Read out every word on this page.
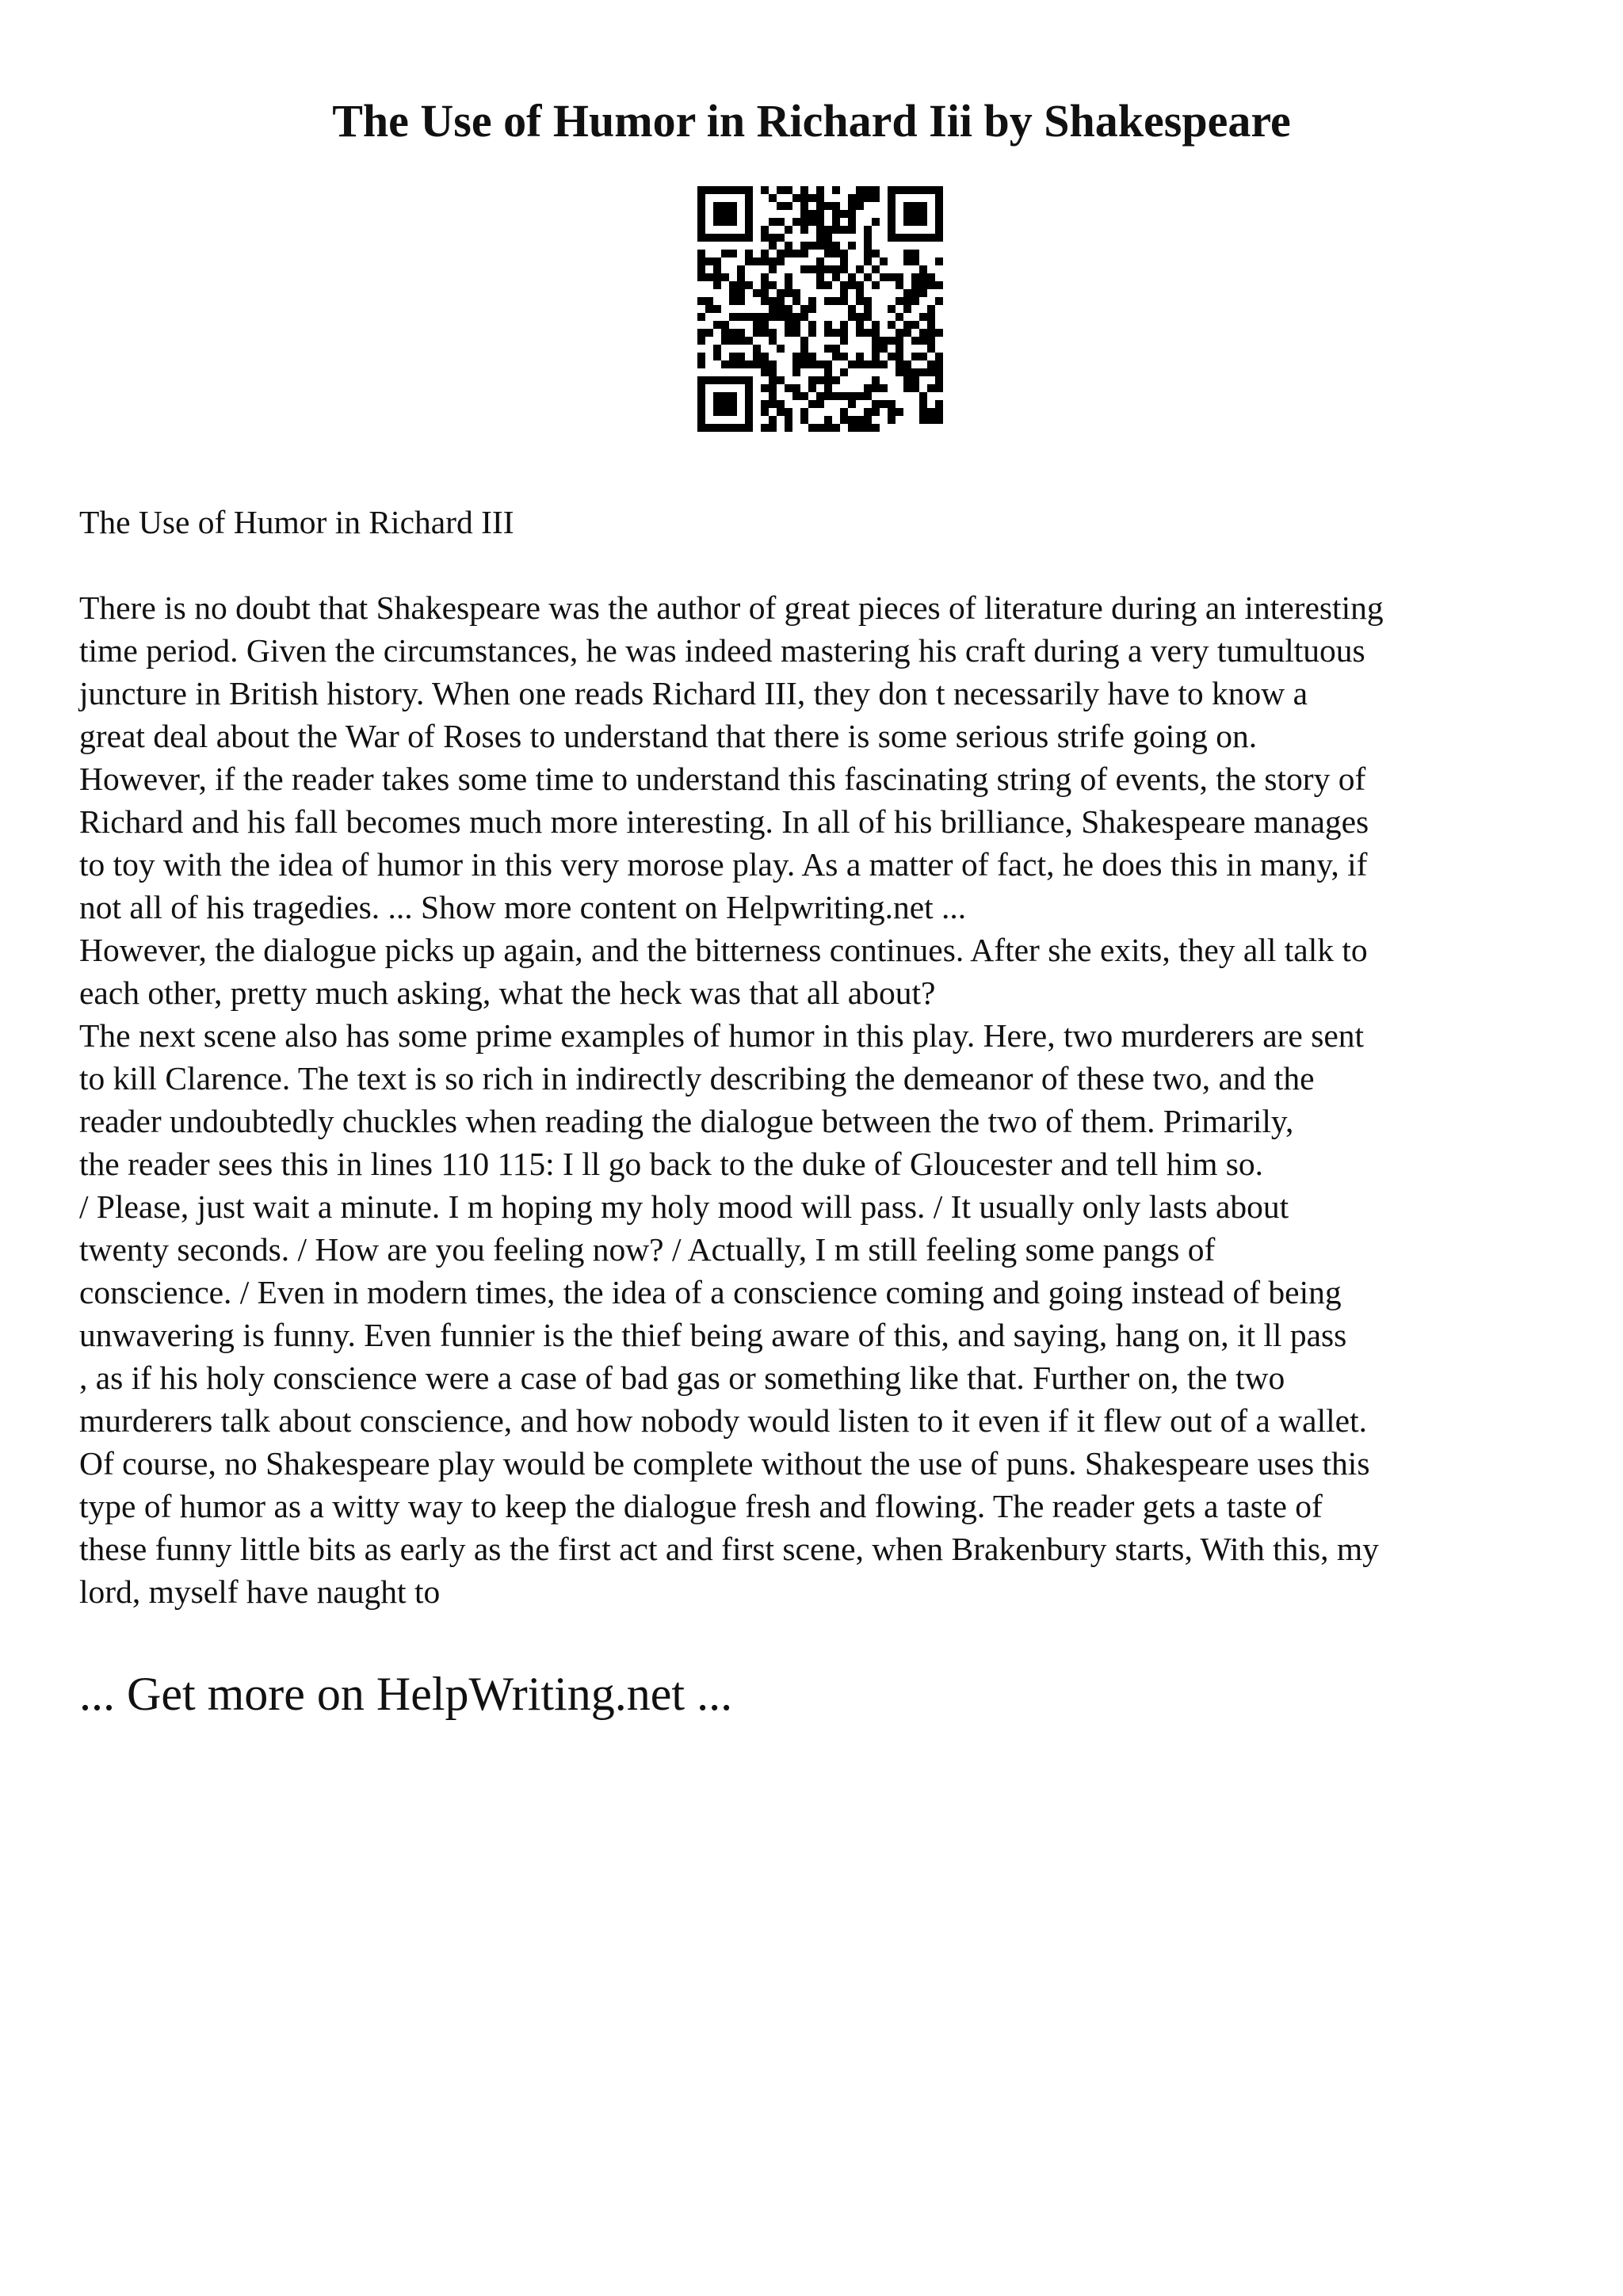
The Use of Humor in Richard Iii by Shakespeare

The Use of Humor in Richard III

There is no doubt that Shakespeare was the author of great pieces of literature during an interesting
time period. Given the circumstances, he was indeed mastering his craft during a very tumultuous
juncture in British history. When one reads Richard III, they don t necessarily have to know a
great deal about the War of Roses to understand that there is some serious strife going on.
However, if the reader takes some time to understand this fascinating string of events, the story of
Richard and his fall becomes much more interesting. In all of his brilliance, Shakespeare manages
to toy with the idea of humor in this very morose play. As a matter of fact, he does this in many, if
not all of his tragedies. ... Show more content on Helpwriting.net ...
However, the dialogue picks up again, and the bitterness continues. After she exits, they all talk to
each other, pretty much asking, what the heck was that all about?
The next scene also has some prime examples of humor in this play. Here, two murderers are sent
to kill Clarence. The text is so rich in indirectly describing the demeanor of these two, and the
reader undoubtedly chuckles when reading the dialogue between the two of them. Primarily,
the reader sees this in lines 110 115: I ll go back to the duke of Gloucester and tell him so.
/ Please, just wait a minute. I m hoping my holy mood will pass. / It usually only lasts about
twenty seconds. / How are you feeling now? / Actually, I m still feeling some pangs of
conscience. / Even in modern times, the idea of a conscience coming and going instead of being
unwavering is funny. Even funnier is the thief being aware of this, and saying, hang on, it ll pass
, as if his holy conscience were a case of bad gas or something like that. Further on, the two
murderers talk about conscience, and how nobody would listen to it even if it flew out of a wallet.
Of course, no Shakespeare play would be complete without the use of puns. Shakespeare uses this
type of humor as a witty way to keep the dialogue fresh and flowing. The reader gets a taste of
these funny little bits as early as the first act and first scene, when Brakenbury starts, With this, my
lord, myself have naught to

... Get more on HelpWriting.net ...
